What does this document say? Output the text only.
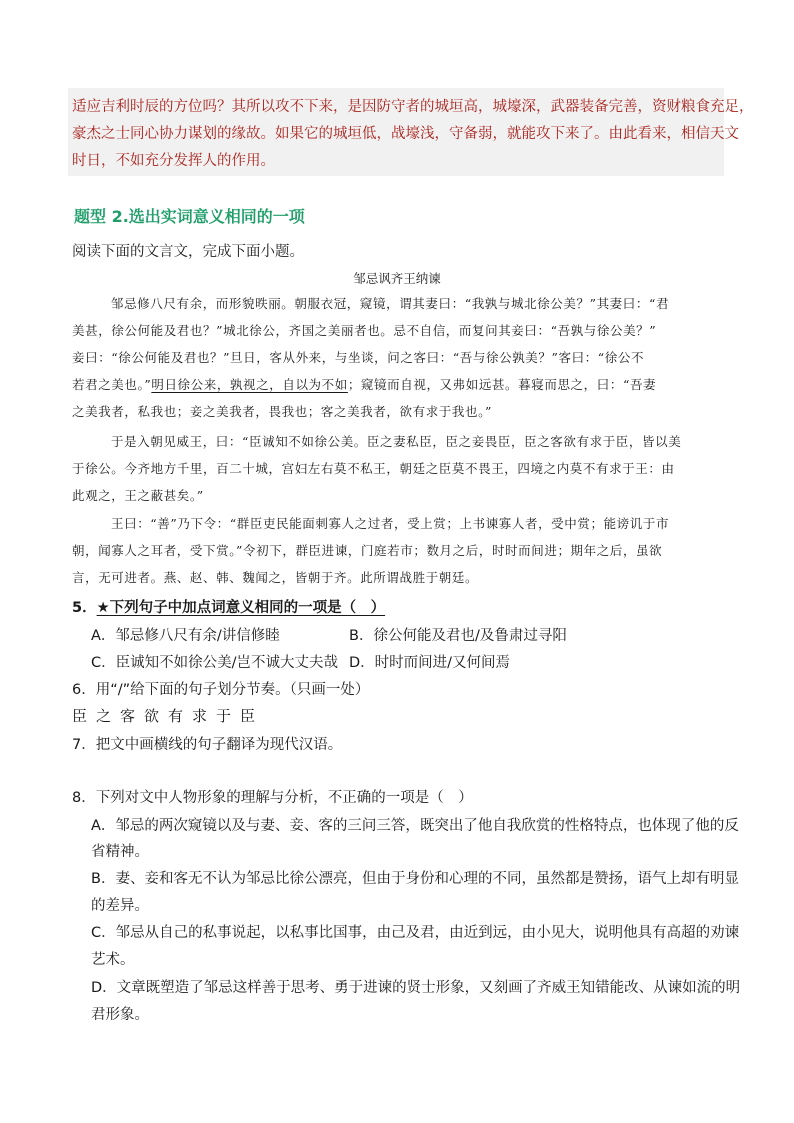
适应吉利时辰的方位吗？其所以攻不下来，是因防守者的城垣高，城壕深，武器装备完善，资财粮食充足，
豪杰之士同心协力谋划的缘故。如果它的城垣低，战壕浅，守备弱，就能攻下来了。由此看来，相信天文
时日，不如充分发挥人的作用。
题型 2.选出实词意义相同的一项
阅读下面的文言文，完成下面小题。
邹忌讽齐王纳谏
邹忌修八尺有余，而形貌昳丽。朝服衣冠，窥镜，谓其妻曰：“我孰与城北徐公美？”其妻曰：“君
美甚，徐公何能及君也？”城北徐公，齐国之美丽者也。忌不自信，而复问其妾曰：“吾孰与徐公美？”
妾曰：“徐公何能及君也？”旦日，客从外来，与坐谈，问之客曰：“吾与徐公孰美？”客曰：“徐公不
若君之美也。”明日徐公来，孰视之，自以为不如；窥镜而自视，又弗如远甚。暮寝而思之，曰：“吾妻
之美我者，私我也；妾之美我者，畏我也；客之美我者，欲有求于我也。”
于是入朝见威王，曰：“臣诚知不如徐公美。臣之妻私臣，臣之妾畏臣，臣之客欲有求于臣，皆以美
于徐公。今齐地方千里，百二十城，宫妇左右莫不私王，朝廷之臣莫不畏王，四境之内莫不有求于王：由
此观之，王之蔽甚矣。”
王曰：“善”乃下令：“群臣吏民能面刺寡人之过者，受上赏；上书谏寡人者，受中赏；能谤讥于市
朝，闻寡人之耳者，受下赏。”令初下，群臣进谏，门庭若市；数月之后，时时而间进；期年之后，虽欲
言，无可进者。燕、赵、韩、魏闻之，皆朝于齐。此所谓战胜于朝廷。
5．★下列句子中加点词意义相同的一项是（　）
A．邹忌修八尺有余/讲信修睦	B．徐公何能及君也/及鲁肃过寻阳
C．臣诚知不如徐公美/岂不诚大丈夫哉 D．时时而间进/又何间焉
6．用“/”给下面的句子划分节奏。（只画一处）
臣之客欲有求于臣
7．把文中画横线的句子翻译为现代汉语。
8．下列对文中人物形象的理解与分析，不正确的一项是（　）
A．邹忌的两次窥镜以及与妻、妾、客的三问三答，既突出了他自我欣赏的性格特点，也体现了他的反
省精神。
B．妻、妾和客无不认为邹忌比徐公漂亮，但由于身份和心理的不同，虽然都是赞扬，语气上却有明显
的差异。
C．邹忌从自己的私事说起，以私事比国事，由己及君，由近到远，由小见大，说明他具有高超的劝谏
艺术。
D．文章既塑造了邹忌这样善于思考、勇于进谏的贤士形象，又刻画了齐威王知错能改、从谏如流的明
君形象。
